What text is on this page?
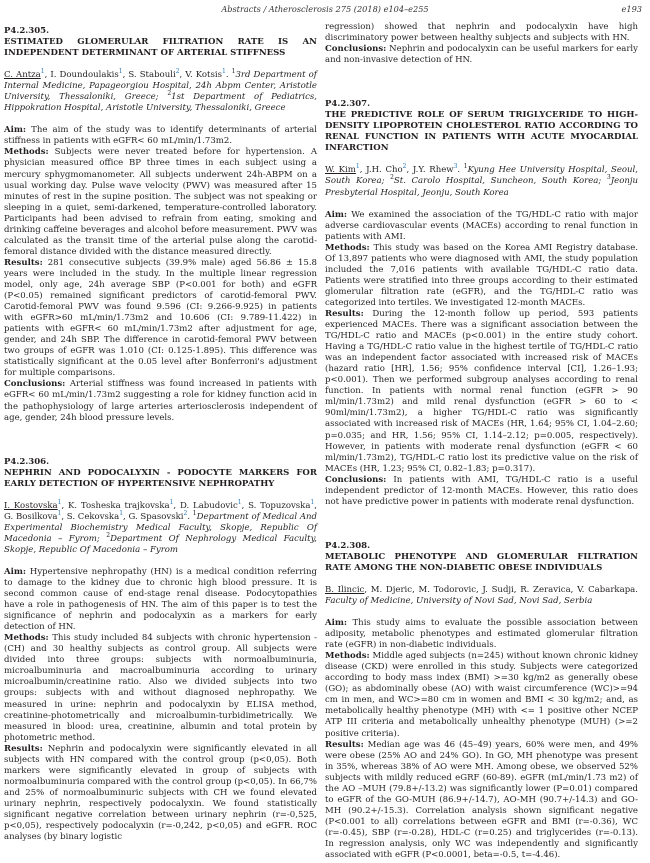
Abstracts / Atherosclerosis 275 (2018) e104–e255	e193

P4.2.305.

ESTIMATED GLOMERULAR FILTRATION RATE IS AN INDEPENDENT DETERMINANT OF ARTERIAL STIFFNESS

C. Antza$^1$, I. Doundoulakis$^1$, S. Stabouli$^2$, V. Kotsis$^1$. $^1$3rd Department of Internal Medicine, Papageorgiou Hospital, 24h Abpm Center, Aristotle University, Thessaloniki, Greece; $^2$1st Department of Pediatrics, Hippokration Hospital, Aristotle University, Thessaloniki, Greece

Aim: The aim of the study was to identify determinants of arterial stiffness in patients with eGFR< 60 mL/min/1.73m2.

Methods: Subjects were never treated before for hypertension. A physician measured office BP three times in each subject using a mercury sphygmomanometer. All subjects underwent 24h-ABPM on a usual working day. Pulse wave velocity (PWV) was measured after 15 minutes of rest in the supine position. The subject was not speaking or sleeping in a quiet, semi-darkened, temperature-controlled laboratory. Participants had been advised to refrain from eating, smoking and drinking caffeine beverages and alcohol before measurement. PWV was calculated as the transit time of the arterial pulse along the carotid-femoral distance divided with the distance measured directly.

Results: 281 consecutive subjects (39.9% male) aged 56.86 ± 15.8 years were included in the study. In the multiple linear regression model, only age, 24h average SBP (P<0.001 for both) and eGFR (P<0.05) remained significant predictors of carotid-femoral PWV. Carotid-femoral PWV was found 9.596 (CI: 9.266-9.925) in patients with eGFR>60 mL/min/1.73m2 and 10.606 (CI: 9.789-11.422) in patients with eGFR< 60 mL/min/1.73m2 after adjustment for age, gender, and 24h SBP. The difference in carotid-femoral PWV between two groups of eGFR was 1.010 (CI: 0.125-1.895). This difference was statistically significant at the 0.05 level after Bonferroni's adjustment for multiple comparisons.

Conclusions: Arterial stiffness was found increased in patients with eGFR< 60 mL/min/1.73m2 suggesting a role for kidney function acid in the pathophysiology of large arteries arteriosclerosis independent of age, gender, 24h blood pressure levels.

P4.2.306.

NEPHRIN AND PODOCALYXIN - PODOCYTE MARKERS FOR EARLY DETECTION OF HYPERTENSIVE NEPHROPATHY

I. Kostovska$^1$, K. Tosheska trajkovska$^1$, D. Labudovic$^1$, S. Topuzovska$^1$, G. Bosilkova$^1$, S. Cekovska$^1$, G. Spasovski$^2$. $^1$Department of Medical And Experimental Biochemistry Medical Faculty, Skopje, Republic Of Macedonia – Fyrom; $^2$Department Of Nephrology Medical Faculty, Skopje, Republic Of Macedonia – Fyrom

Aim: Hypertensive nephropathy (HN) is a medical condition referring to damage to the kidney due to chronic high blood pressure. It is second common cause of end-stage renal disease. Podocytopathies have a role in pathogenesis of HN. The aim of this paper is to test the significance of nephrin and podocalyxin as a markers for early detection of HN.

Methods: This study included 84 subjects with chronic hypertension -(CH) and 30 healthy subjects as control group. All subjects were divided into three groups: subjects with normoalbuminuria, microalbuminuria and macroalbuminuria according to urinary microalbumin/creatinine ratio. Also we divided subjects into two groups: subjects with and without diagnosed nephropathy. We measured in urine: nephrin and podocalyxin by ELISA method, creatinine-photometrically and microalbumin-turbidimetrically. We measured in blood: urea, creatinine, albumin and total protein by photometric method.

Results: Nephrin and podocalyxin were significantly elevated in all subjects with HN compared with the control group (p<0,05). Both markers were significantly elevated in group of subjects with normoalbuminuria compared with the control group (p<0,05). In 66,7% and 25% of normoalbuminuric subjects with CH we found elevated urinary nephrin, respectively podocalyxin. We found statistically significant negative correlation between urinary nephrin (r=-0,525, p<0,05), respectively podocalyxin (r=-0,242, p<0,05) and eGFR. ROC analyses (by binary logistic

regression) showed that nephrin and podocalyxin have high discriminatory power between healthy subjects and subjects with HN.

Conclusions: Nephrin and podocalyxin can be useful markers for early and non-invasive detection of HN.

P4.2.307.

THE PREDICTIVE ROLE OF SERUM TRIGLYCERIDE TO HIGH-DENSITY LIPOPROTEIN CHOLESTEROL RATIO ACCORDING TO RENAL FUNCTION IN PATIENTS WITH ACUTE MYOCARDIAL INFARCTION

W. Kim$^1$, J.H. Cho$^2$, J.Y. Rhew$^3$. $^1$Kyung Hee University Hospital, Seoul, South Korea; $^2$St. Carolo Hospital, Suncheon, South Korea; $^3$Jeonju Presbyterial Hospital, Jeonju, South Korea

Aim: We examined the association of the TG/HDL-C ratio with major adverse cardiovascular events (MACEs) according to renal function in patients with AMI.

Methods: This study was based on the Korea AMI Registry database. Of 13,897 patients who were diagnosed with AMI, the study population included the 7,016 patients with available TG/HDL-C ratio data. Patients were stratified into three groups according to their estimated glomerular filtration rate (eGFR), and the TG/HDL-C ratio was categorized into tertiles. We investigated 12-month MACEs.

Results: During the 12-month follow up period, 593 patients experienced MACEs. There was a significant association between the TG/HDL-C ratio and MACEs (p<0.001) in the entire study cohort. Having a TG/HDL-C ratio value in the highest tertile of TG/HDL-C ratio was an independent factor associated with increased risk of MACEs (hazard ratio [HR], 1.56; 95% confidence interval [CI], 1.26–1.93; p<0.001). Then we performed subgroup analyses according to renal function. In patients with normal renal function (eGFR > 90 ml/min/1.73m2) and mild renal dysfunction (eGFR > 60 to < 90ml/min/1.73m2), a higher TG/HDL-C ratio was significantly associated with increased risk of MACEs (HR, 1.64; 95% CI, 1.04–2.60; p=0.035; and HR, 1.56; 95% CI, 1.14–2.12; p=0.005, respectively). However, in patients with moderate renal dysfunction (eGFR < 60 ml/min/1.73m2), TG/HDL-C ratio lost its predictive value on the risk of MACEs (HR, 1.23; 95% CI, 0.82–1.83; p=0.317).

Conclusions: In patients with AMI, TG/HDL-C ratio is a useful independent predictor of 12-month MACEs. However, this ratio does not have predictive power in patients with moderate renal dysfunction.

P4.2.308.

METABOLIC PHENOTYPE AND GLOMERULAR FILTRATION RATE AMONG THE NON-DIABETIC OBESE INDIVIDUALS

B. Ilincic, M. Djeric, M. Todorovic, J. Sudji, R. Zeravica, V. Cabarkapa. Faculty of Medicine, University of Novi Sad, Novi Sad, Serbia

Aim: This study aims to evaluate the possible association between adiposity, metabolic phenotypes and estimated glomerular filtration rate (eGFR) in non-diabetic individuals.

Methods: Middle aged subjects (n=245) without known chronic kidney disease (CKD) were enrolled in this study. Subjects were categorized according to body mass index (BMI) >=30 kg/m2 as generally obese (GO); as abdominally obese (AO) with waist circumference (WC)>=94 cm in men, and WC>=80 cm in women and BMI < 30 kg/m2; and, as metabolically healthy phenotype (MH) with <= 1 positive other NCEP ATP III criteria and metabolically unhealthy phenotype (MUH) (>=2 positive criteria).

Results: Median age was 46 (45–49) years, 60% were men, and 49% were obese (25% AO and 24% GO). In GO, MH phenotype was present in 35%, whereas 38% of AO were MH. Among obese, we observed 52% subjects with mildly reduced eGRF (60-89). eGFR (mL/min/1.73 m2) of the AO –MUH (79.8+/-13.2) was significantly lower (P=0.01) compared to eGFR of the GO-MUH (86.9+/-14.7), AO-MH (90.7+/-14.3) and GO-MH (90.2+/-15.3). Correlation analysis shown significant negative (P<0.001 to all) correlations between eGFR and BMI (r=-0.36), WC (r=-0.45), SBP (r=-0.28), HDL-C (r=0.25) and triglycerides (r=-0.13). In regression analysis, only WC was independently and significantly associated with eGFR (P<0.0001, beta=-0.5, t=-4.46).
